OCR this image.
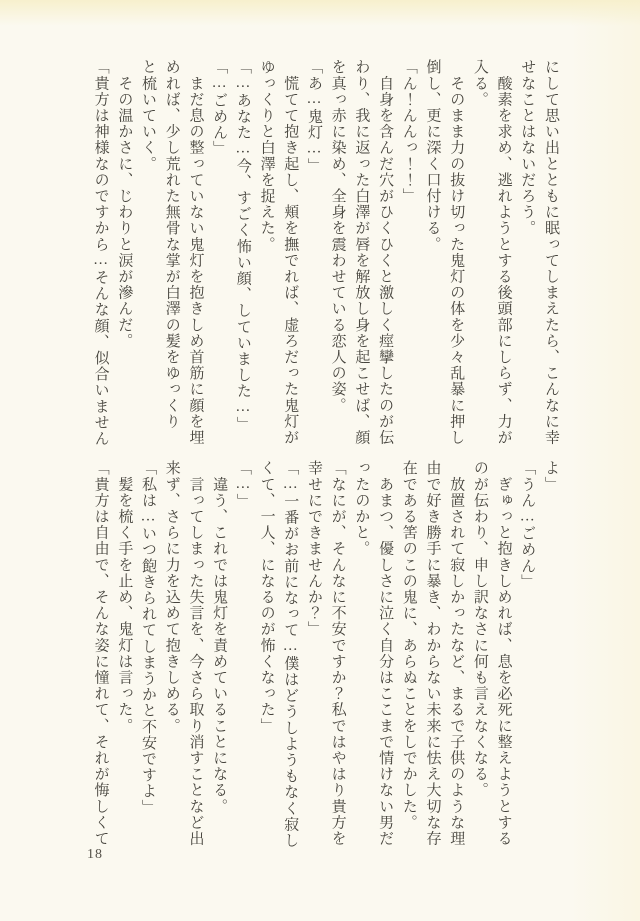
にして思い出とともに眠ってしまえたら、こんなに幸
せなことはないだろう。
　酸素を求め、逃れようとする後頭部にしらず、力が
入る。
　そのまま力の抜け切った鬼灯の体を少々乱暴に押し
倒し、更に深く口付ける。
「ん！んんっ！！」
　自身を含んだ穴がひくひくと激しく痙攣したのが伝
わり、我に返った白澤が唇を解放し身を起こせば、顔
を真っ赤に染め、全身を震わせている恋人の姿。
「あ…鬼灯…」
　慌てて抱き起し、頬を撫でれば、虚ろだった鬼灯が
ゆっくりと白澤を捉えた。
「…あなた…今、すごく怖い顔、していました…」
「…ごめん」
　まだ息の整っていない鬼灯を抱きしめ首筋に顔を埋
めれば、少し荒れた無骨な掌が白澤の髪をゆっくり
と梳いていく。
　その温かさに、じわりと涙が滲んだ。
「貴方は神様なのですから…そんな顔、似合いません
よ」
「うん…ごめん」
　ぎゅっと抱きしめれば、息を必死に整えようとする
のが伝わり、申し訳なさに何も言えなくなる。
　放置されて寂しかったなど、まるで子供のような理
由で好き勝手に暴き、わからない未来に怯え大切な存
在である筈のこの鬼に、あらぬことをしでかした。
　あまつ、優しさに泣く自分はここまで情けない男だ
ったのかと。
「なにが、そんなに不安ですか？私ではやはり貴方を
幸せにできませんか？」
「…一番がお前になって…僕はどうしようもなく寂し
くて、一人、になるのが怖くなった」
「…」
　違う、これでは鬼灯を責めていることになる。
　言ってしまった失言を、今さら取り消すことなど出
来ず、さらに力を込めて抱きしめる。
「私は…いつ飽きられてしまうかと不安ですよ」
　髪を梳く手を止め、鬼灯は言った。
「貴方は自由で、そんな姿に憧れて、それが悔しくて
18
